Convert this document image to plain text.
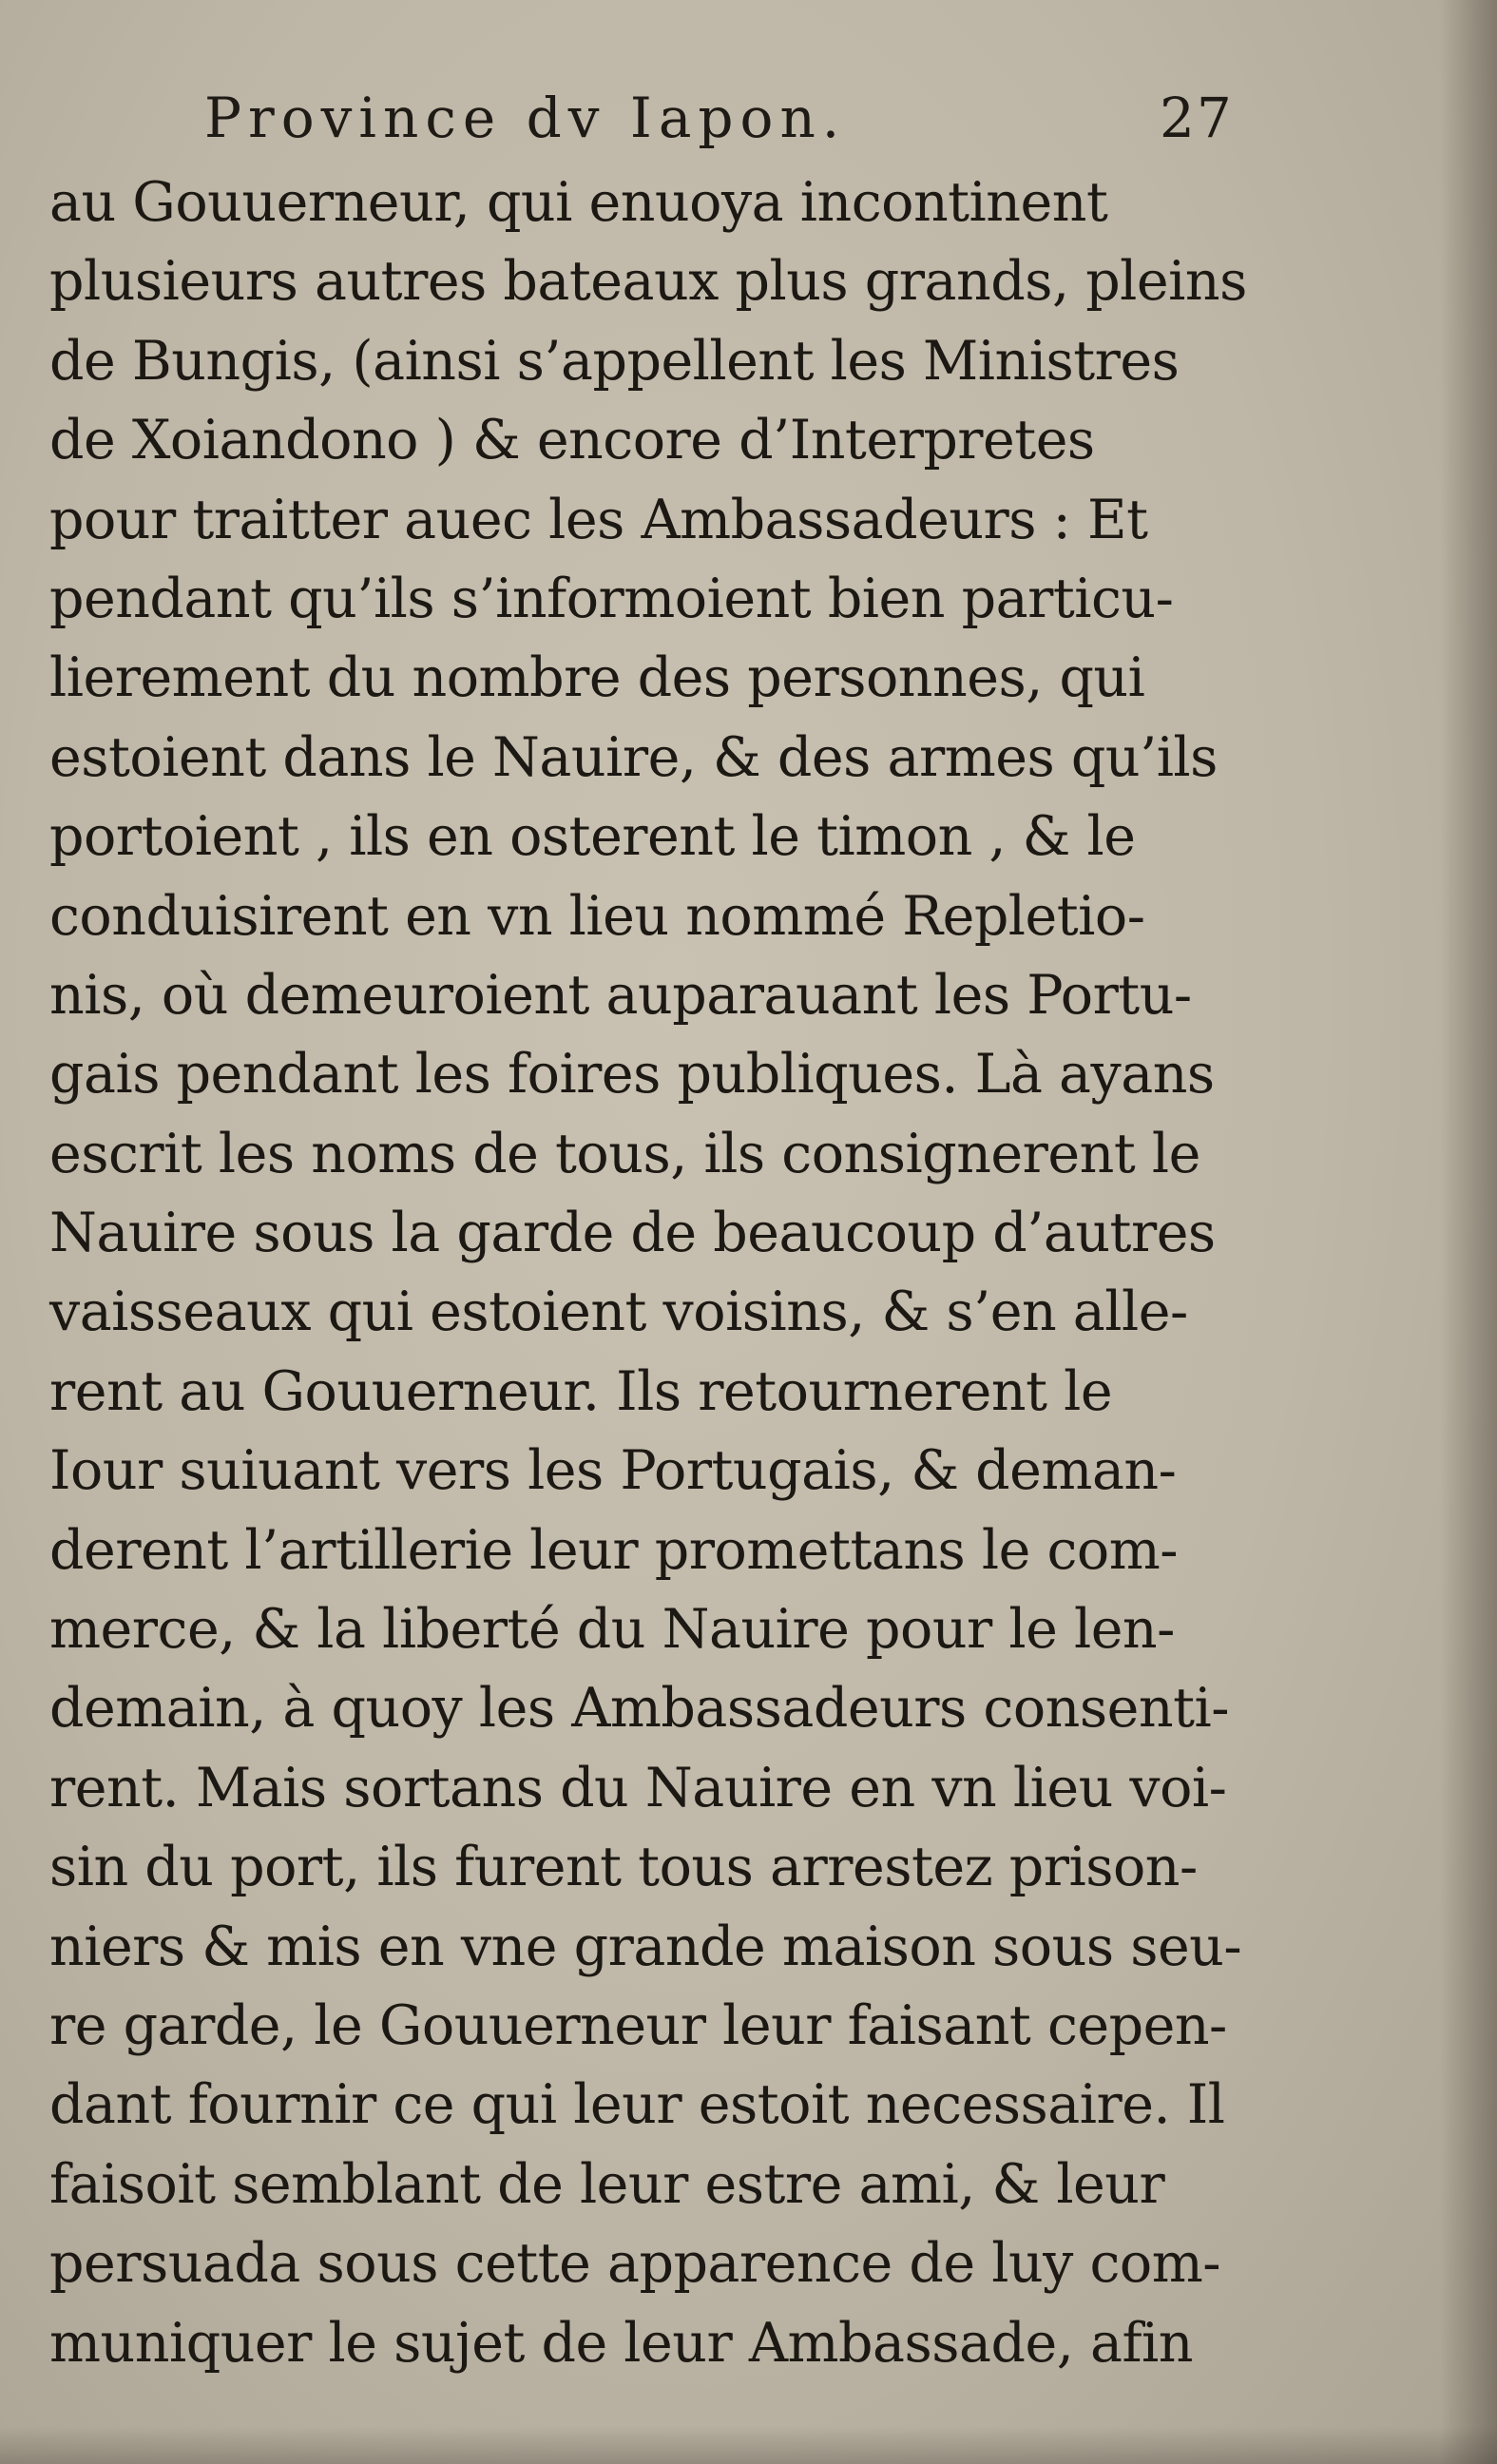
Province dv Iapon.	27
au Gouuerneur, qui enuoya incontinent
plusieurs autres bateaux plus grands, pleins
de Bungis, (ainsi s’appellent les Ministres
de Xoiandono ) & encore d’Interpretes
pour traitter auec les Ambassadeurs : Et
pendant qu’ils s’informoient bien particu-
lierement du nombre des personnes, qui
estoient dans le Nauire, & des armes qu’ils
portoient , ils en osterent le timon , & le
conduisirent en vn lieu nommé Repletio-
nis, où demeuroient auparauant les Portu-
gais pendant les foires publiques. Là ayans
escrit les noms de tous, ils consignerent le
Nauire sous la garde de beaucoup d’autres
vaisseaux qui estoient voisins, & s’en alle-
rent au Gouuerneur. Ils retournerent le
Iour suiuant vers les Portugais, & deman-
derent l’artillerie leur promettans le com-
merce, & la liberté du Nauire pour le len-
demain, à quoy les Ambassadeurs consenti-
rent. Mais sortans du Nauire en vn lieu voi-
sin du port, ils furent tous arrestez prison-
niers & mis en vne grande maison sous seu-
re garde, le Gouuerneur leur faisant cepen-
dant fournir ce qui leur estoit necessaire. Il
faisoit semblant de leur estre ami, & leur
persuada sous cette apparence de luy com-
muniquer le sujet de leur Ambassade, afin
